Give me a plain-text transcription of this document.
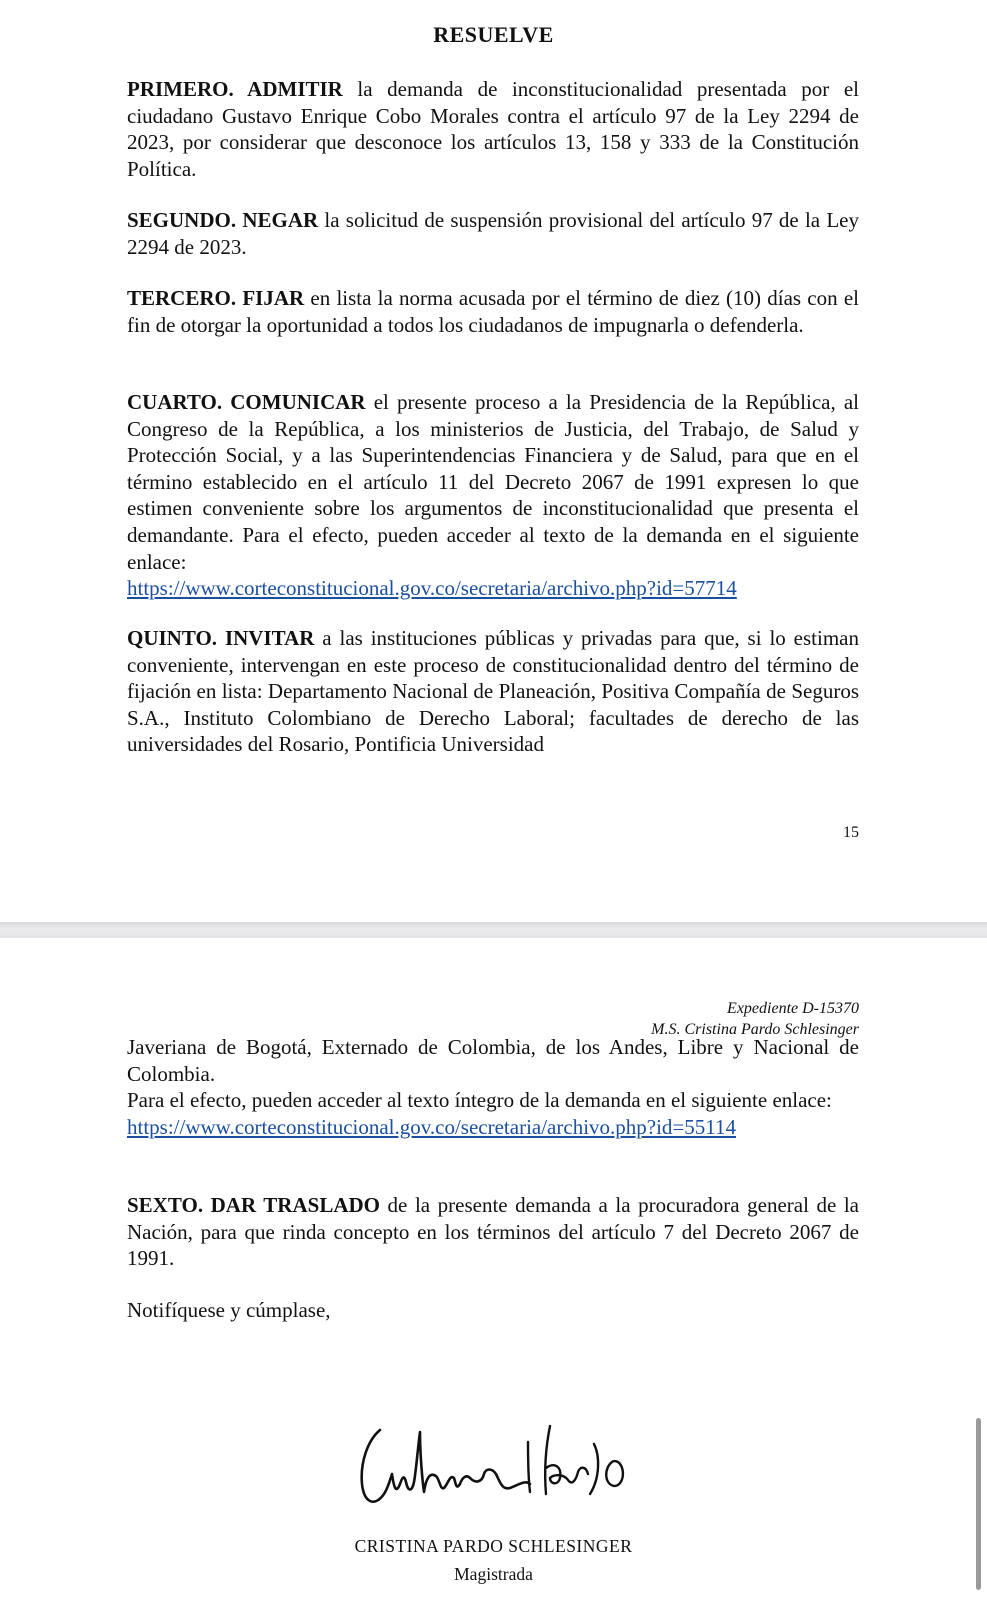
RESUELVE

PRIMERO. ADMITIR la demanda de inconstitucionalidad presentada por el ciudadano Gustavo Enrique Cobo Morales contra el artículo 97 de la Ley 2294 de 2023, por considerar que desconoce los artículos 13, 158 y 333 de la Constitución Política.

SEGUNDO. NEGAR la solicitud de suspensión provisional del artículo 97 de la Ley 2294 de 2023.

TERCERO. FIJAR en lista la norma acusada por el término de diez (10) días con el fin de otorgar la oportunidad a todos los ciudadanos de impugnarla o defenderla.

CUARTO. COMUNICAR el presente proceso a la Presidencia de la República, al Congreso de la República, a los ministerios de Justicia, del Trabajo, de Salud y Protección Social, y a las Superintendencias Financiera y de Salud, para que en el término establecido en el artículo 11 del Decreto 2067 de 1991 expresen lo que estimen conveniente sobre los argumentos de inconstitucionalidad que presenta el demandante. Para el efecto, pueden acceder al texto de la demanda en el siguiente enlace:
https://www.corteconstitucional.gov.co/secretaria/archivo.php?id=57714

QUINTO. INVITAR a las instituciones públicas y privadas para que, si lo estiman conveniente, intervengan en este proceso de constitucionalidad dentro del término de fijación en lista: Departamento Nacional de Planeación, Positiva Compañía de Seguros S.A., Instituto Colombiano de Derecho Laboral; facultades de derecho de las universidades del Rosario, Pontificia Universidad

15
Expediente D-15370
M.S. Cristina Pardo Schlesinger

Javeriana de Bogotá, Externado de Colombia, de los Andes, Libre y Nacional de Colombia.
Para el efecto, pueden acceder al texto íntegro de la demanda en el siguiente enlace:
https://www.corteconstitucional.gov.co/secretaria/archivo.php?id=55114

SEXTO. DAR TRASLADO de la presente demanda a la procuradora general de la Nación, para que rinda concepto en los términos del artículo 7 del Decreto 2067 de 1991.

Notifíquese y cúmplase,

CRISTINA PARDO SCHLESINGER
Magistrada
